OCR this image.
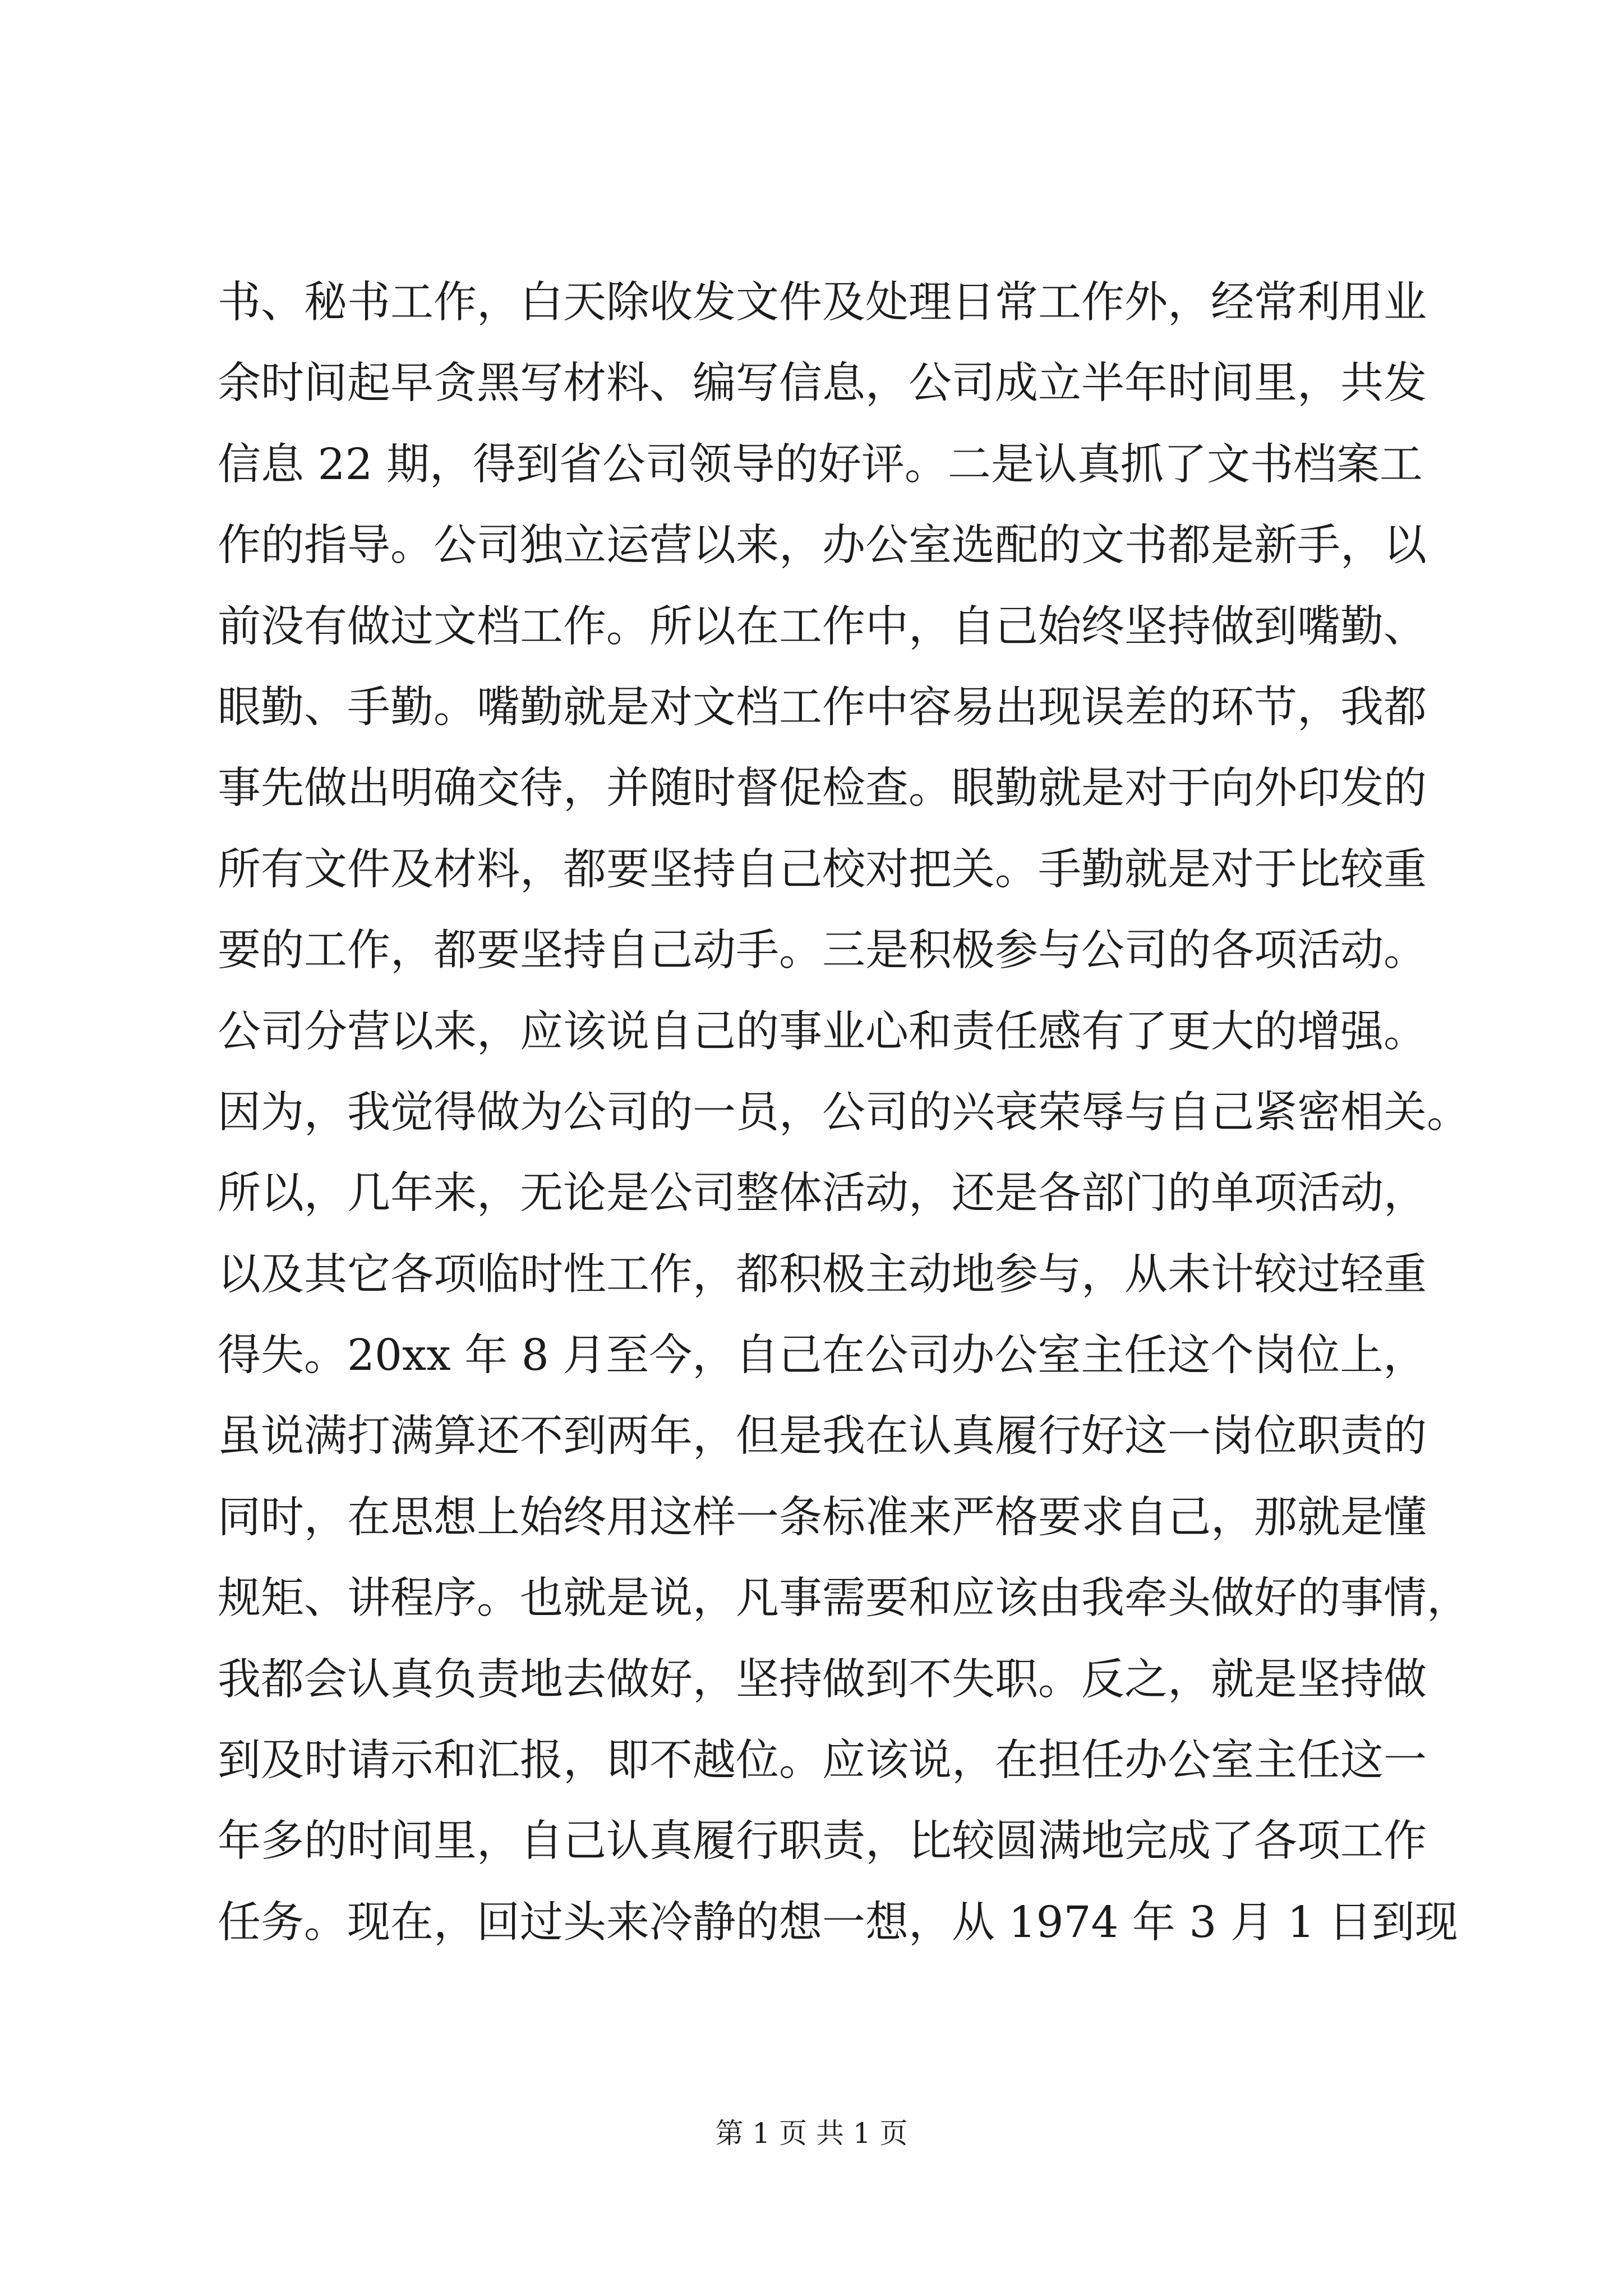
书、秘书工作，白天除收发文件及处理日常工作外，经常利用业
余时间起早贪黑写材料、编写信息，公司成立半年时间里，共发
信息 22 期，得到省公司领导的好评。二是认真抓了文书档案工
作的指导。公司独立运营以来，办公室选配的文书都是新手，以
前没有做过文档工作。所以在工作中，自己始终坚持做到嘴勤、
眼勤、手勤。嘴勤就是对文档工作中容易出现误差的环节，我都
事先做出明确交待，并随时督促检查。眼勤就是对于向外印发的
所有文件及材料，都要坚持自己校对把关。手勤就是对于比较重
要的工作，都要坚持自己动手。三是积极参与公司的各项活动。
公司分营以来，应该说自己的事业心和责任感有了更大的增强。
因为，我觉得做为公司的一员，公司的兴衰荣辱与自己紧密相关。
所以，几年来，无论是公司整体活动，还是各部门的单项活动，
以及其它各项临时性工作，都积极主动地参与，从未计较过轻重
得失。20xx 年 8 月至今，自己在公司办公室主任这个岗位上，
虽说满打满算还不到两年，但是我在认真履行好这一岗位职责的
同时，在思想上始终用这样一条标准来严格要求自己，那就是懂
规矩、讲程序。也就是说，凡事需要和应该由我牵头做好的事情，
我都会认真负责地去做好，坚持做到不失职。反之，就是坚持做
到及时请示和汇报，即不越位。应该说，在担任办公室主任这一
年多的时间里，自己认真履行职责，比较圆满地完成了各项工作
任务。现在，回过头来冷静的想一想，从 1974 年 3 月 1 日到现
第 1 页 共 1 页
